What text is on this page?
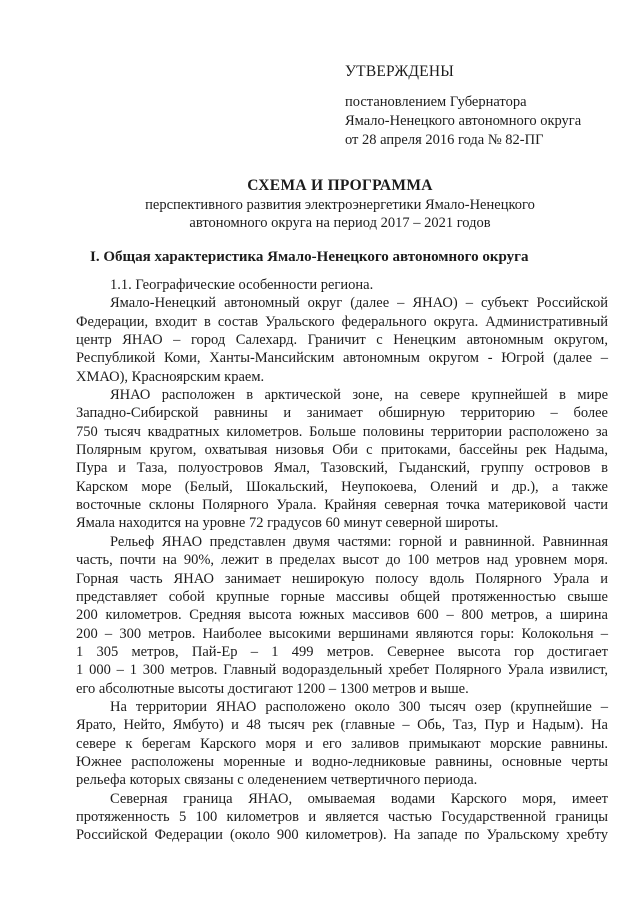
УТВЕРЖДЕНЫ
постановлением Губернатора
Ямало-Ненецкого автономного округа
от 28 апреля 2016 года № 82-ПГ
СХЕМА И ПРОГРАММА
перспективного развития электроэнергетики Ямало-Ненецкого
автономного округа на период 2017 – 2021 годов
I. Общая характеристика Ямало-Ненецкого автономного округа
1.1. Географические особенности региона.
Ямало-Ненецкий автономный округ (далее – ЯНАО) – субъект Российской
Федерации, входит в состав Уральского федерального округа. Административный
центр ЯНАО – город Салехард. Граничит с Ненецким автономным округом,
Республикой Коми, Ханты-Мансийским автономным округом - Югрой (далее –
ХМАО), Красноярским краем.
ЯНАО расположен в арктической зоне, на севере крупнейшей в мире
Западно-Сибирской равнины и занимает обширную территорию – более
750 тысяч квадратных километров. Больше половины территории расположено за
Полярным кругом, охватывая низовья Оби с притоками, бассейны рек Надыма,
Пура и Таза, полуостровов Ямал, Тазовский, Гыданский, группу островов в
Карском море (Белый, Шокальский, Неупокоева, Олений и др.), а также
восточные склоны Полярного Урала. Крайняя северная точка материковой части
Ямала находится на уровне 72 градусов 60 минут северной широты.
Рельеф ЯНАО представлен двумя частями: горной и равнинной. Равнинная
часть, почти на 90%, лежит в пределах высот до 100 метров над уровнем моря.
Горная часть ЯНАО занимает неширокую полосу вдоль Полярного Урала и
представляет собой крупные горные массивы общей протяженностью свыше
200 километров. Средняя высота южных массивов 600 – 800 метров, а ширина
200 – 300 метров. Наиболее высокими вершинами являются горы: Колокольня –
1 305 метров, Пай-Ер – 1 499 метров. Севернее высота гор достигает
1 000 – 1 300 метров. Главный водораздельный хребет Полярного Урала извилист,
его абсолютные высоты достигают 1200 – 1300 метров и выше.
На территории ЯНАО расположено около 300 тысяч озер (крупнейшие –
Ярато, Нейто, Ямбуто) и 48 тысяч рек (главные – Обь, Таз, Пур и Надым). На
севере к берегам Карского моря и его заливов примыкают морские равнины.
Южнее расположены моренные и водно-ледниковые равнины, основные черты
рельефа которых связаны с оледенением четвертичного периода.
Северная граница ЯНАО, омываемая водами Карского моря, имеет
протяженность 5 100 километров и является частью Государственной границы
Российской Федерации (около 900 километров). На западе по Уральскому хребту
